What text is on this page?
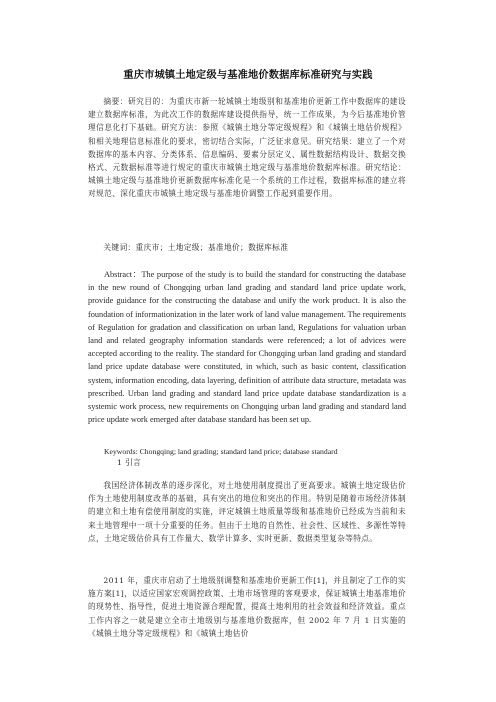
重庆市城镇土地定级与基准地价数据库标准研究与实践
摘要：研究目的：为重庆市新一轮城镇土地级别和基准地价更新工作中数据库的建设建立数据库标准，为此次工作的数据库建设提供指导，统一工作成果，为今后基准地价管理信息化打下基础。研究方法：参照《城镇土地分等定级规程》和《城镇土地估价规程》和相关地理信息标准化的要求，密切结合实际，广泛征求意见。研究结果：建立了一个对数据库的基本内容、分类体系、信息编码、要素分层定义、属性数据结构设计、数据交换格式、元数据标准等进行规定的重庆市城镇土地定级与基准地价数据库标准。研究结论：城镇土地定级与基准地价更新数据库标准化是一个系统的工作过程，数据库标准的建立将对规范、深化重庆市城镇土地定级与基准地价调整工作起到重要作用。
关键词：重庆市；土地定级；基准地价；数据库标准
Abstract：The purpose of the study is to build the standard for constructing the database in the new round of Chongqing urban land grading and standard land price update work, provide guidance for the constructing the database and unify the work product. It is also the foundation of informationization in the later work of land value management. The requirements of Regulation for gradation and classification on urban land, Regulations for valuation urban land and related geography information standards were referenced; a lot of advices were accepted according to the reality. The standard for Chongqing urban land grading and standard land price update database were constituted, in which, such as basic content, classification system, information encoding, data layering, definition of attribute data structure, metadata was prescribed. Urban land grading and standard land price update database standardization is a systemic work process, new requirements on Chongqing urban land grading and standard land price update work emerged after database standard has been set up.
Keywords: Chongqing; land grading; standard land price; database standard
1 引言
我国经济体制改革的逐步深化，对土地使用制度提出了更高要求。城镇土地定级估价作为土地使用制度改革的基础，具有突出的地位和突出的作用。特别是随着市场经济体制的建立和土地有偿使用制度的实施，评定城镇土地质量等级和基准地价已经成为当前和未来土地管理中一项十分重要的任务。但由于土地的自然性、社会性、区域性、多源性等特点，土地定级估价具有工作量大、数学计算多、实时更新、数据类型复杂等特点。
2011 年，重庆市启动了土地级别调整和基准地价更新工作[1]，并且制定了工作的实施方案[1]，以适应国家宏观调控政策、土地市场管理的客观要求，保证城镇土地基准地价的现势性、指导性，促进土地资源合理配置，提高土地利用的社会效益和经济效益。重点工作内容之一就是建立全市土地级别与基准地价数据库，但 2002 年 7 月 1 日实施的《城镇土地分等定级规程》和《城镇土地估价
